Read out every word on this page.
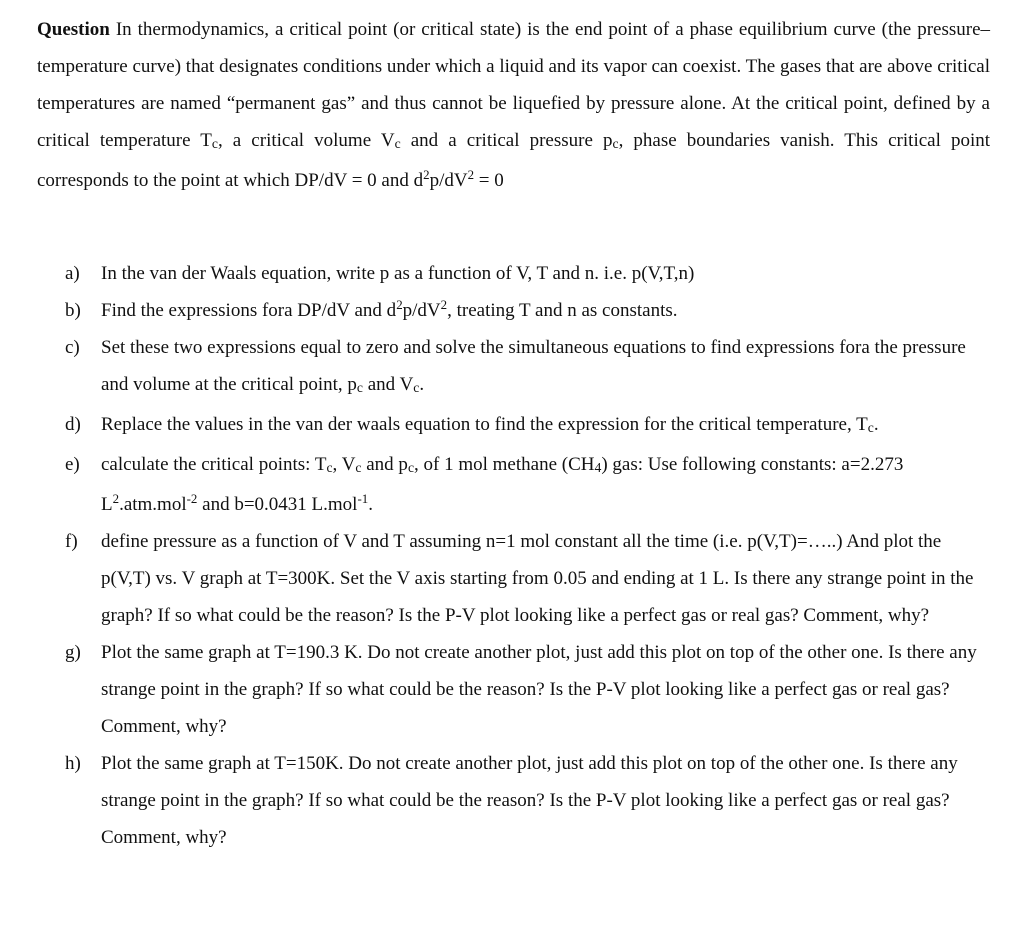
Question In thermodynamics, a critical point (or critical state) is the end point of a phase equilibrium curve (the pressure–temperature curve) that designates conditions under which a liquid and its vapor can coexist. The gases that are above critical temperatures are named “permanent gas” and thus cannot be liquefied by pressure alone. At the critical point, defined by a critical temperature Tc, a critical volume Vc and a critical pressure pc, phase boundaries vanish. This critical point corresponds to the point at which DP/dV = 0 and $d^2p/dV^2 = 0$

a)	In the van der Waals equation, write p as a function of V, T and n. i.e. p(V,T,n)
b)	Find the expressions fora DP/dV and $d^2p/dV^2$, treating T and n as constants.
c)	Set these two expressions equal to zero and solve the simultaneous equations to find expressions fora the pressure and volume at the critical point, pc and Vc.
d)	Replace the values in the van der waals equation to find the expression for the critical temperature, Tc.
e)	calculate the critical points: Tc, Vc and pc, of 1 mol methane (CH4) gas: Use following constants: a=2.273 $L^2.atm.mol^{-2}$ and b=0.0431 L.mol$^{-1}$.
f)	define pressure as a function of V and T assuming n=1 mol constant all the time (i.e. p(V,T)=…..) And plot the p(V,T) vs. V graph at T=300K. Set the V axis starting from 0.05 and ending at 1 L. Is there any strange point in the graph? If so what could be the reason? Is the P-V plot looking like a perfect gas or real gas? Comment, why?
g)	Plot the same graph at T=190.3 K. Do not create another plot, just add this plot on top of the other one. Is there any strange point in the graph? If so what could be the reason? Is the P-V plot looking like a perfect gas or real gas? Comment, why?
h)	Plot the same graph at T=150K. Do not create another plot, just add this plot on top of the other one. Is there any strange point in the graph? If so what could be the reason? Is the P-V plot looking like a perfect gas or real gas? Comment, why?
